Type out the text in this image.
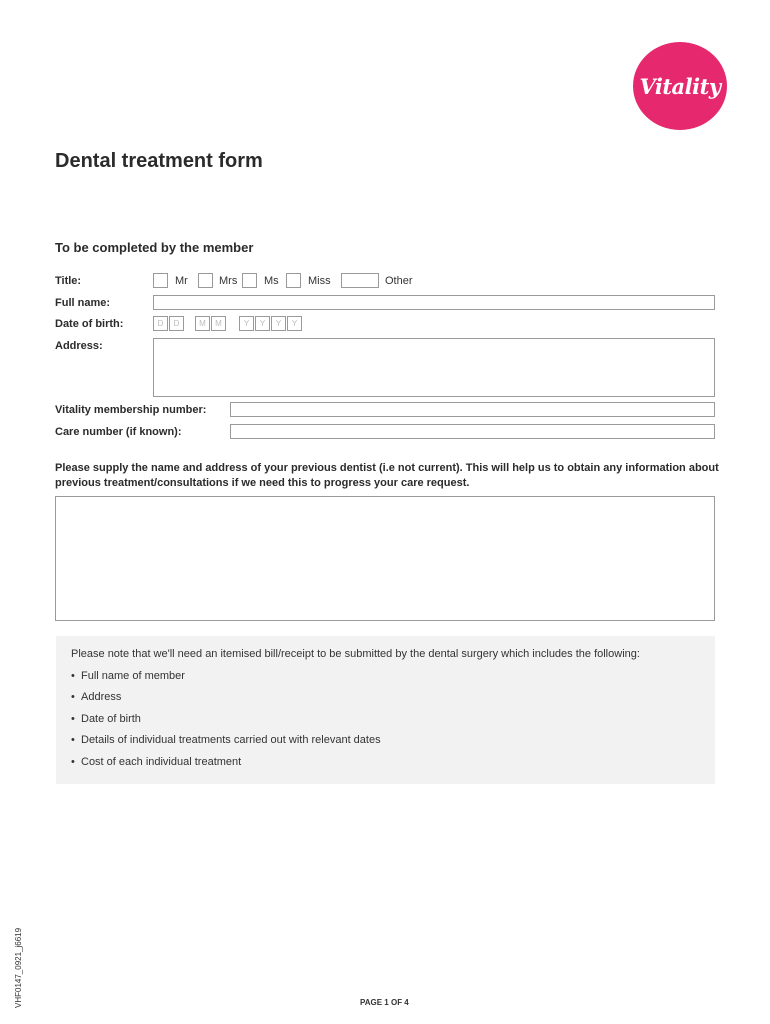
Vitality
Dental treatment form
To be completed by the member
Title:	Mr	Mrs Ms	Miss	Other
Full name:
Date of birth:	D	D	M	M	Y	Y	Y	Y
Address:
Vitality membership number:
Care number (if known):
Please supply the name and address of your previous dentist (i.e not current). This will help us to obtain any information about previous treatment/consultations if we need this to progress your care request.
Please note that we'll need an itemised bill/receipt to be submitted by the dental surgery which includes the following:
• Full name of member
• Address
• Date of birth
• Details of individual treatments carried out with relevant dates
• Cost of each individual treatment
VHF0147_0921_j6619	PAGE 1 OF 4
